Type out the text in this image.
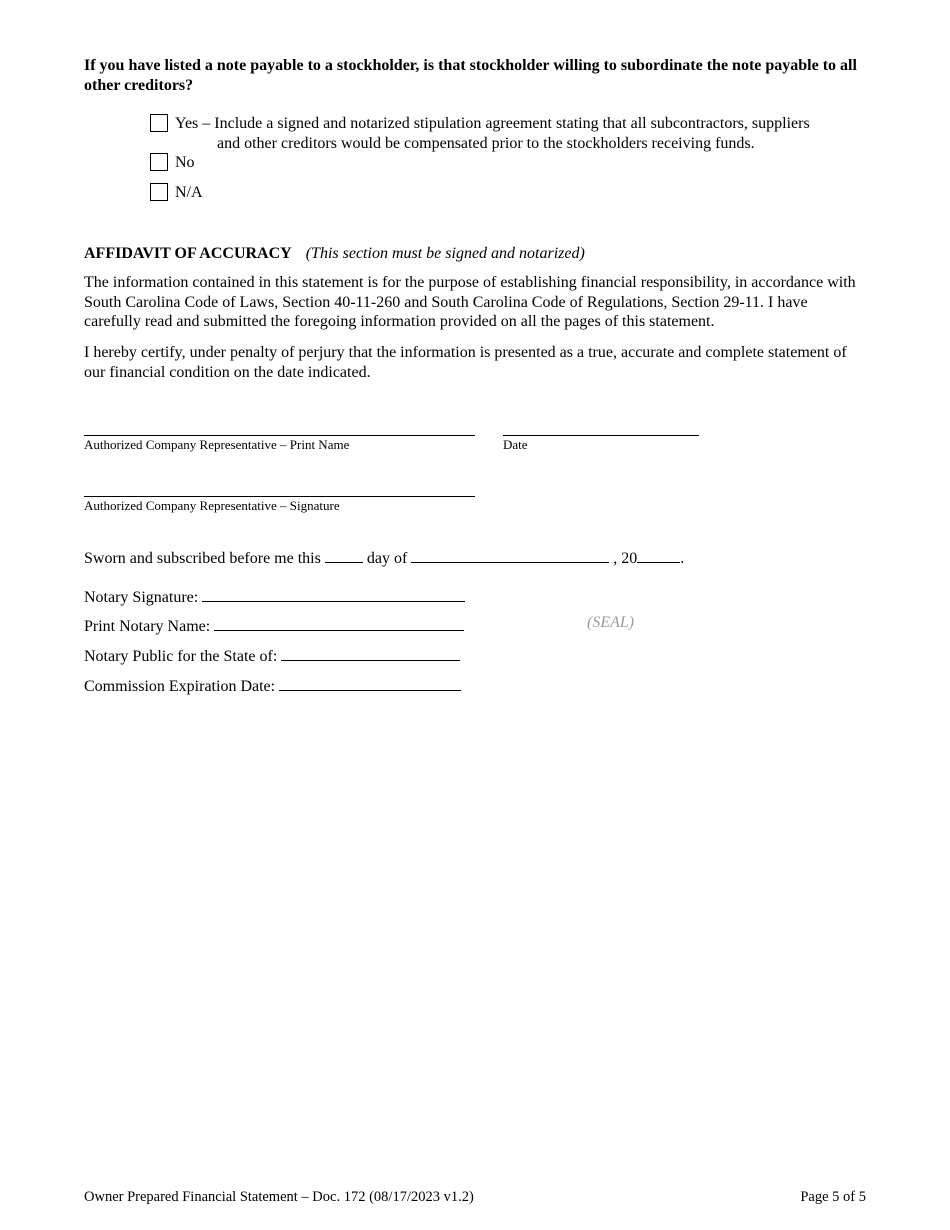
If you have listed a note payable to a stockholder, is that stockholder willing to subordinate the note payable to all other creditors?
Yes – Include a signed and notarized stipulation agreement stating that all subcontractors, suppliers
and other creditors would be compensated prior to the stockholders receiving funds.
No
N/A
AFFIDAVIT OF ACCURACY (This section must be signed and notarized)
The information contained in this statement is for the purpose of establishing financial responsibility, in accordance with South Carolina Code of Laws, Section 40-11-260 and South Carolina Code of Regulations, Section 29-11. I have carefully read and submitted the foregoing information provided on all the pages of this statement.
I hereby certify, under penalty of perjury that the information is presented as a true, accurate and complete statement of our financial condition on the date indicated.
Authorized Company Representative – Print Name	Date
Authorized Company Representative – Signature
Sworn and subscribed before me this	day of	, 20	.
Notary Signature:
Print Notary Name:
Notary Public for the State of:
Commission Expiration Date:
(SEAL)
Owner Prepared Financial Statement – Doc. 172 (08/17/2023 v1.2)	Page 5 of 5
